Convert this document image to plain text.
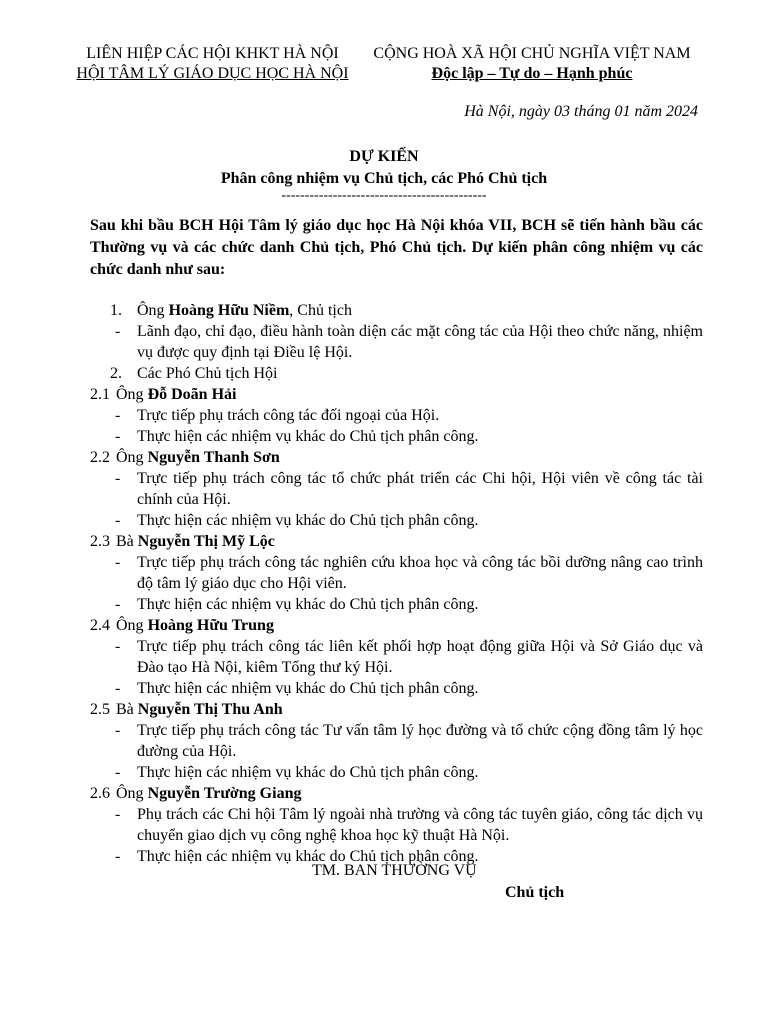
LIÊN HIỆP CÁC HỘI KHKT HÀ NỘI
HỘI TÂM LÝ GIÁO DỤC HỌC HÀ NỘI
CỘNG HOÀ XÃ HỘI CHỦ NGHĨA VIỆT NAM
Độc lập – Tự do – Hạnh phúc
Hà Nội, ngày 03 tháng 01 năm 2024
DỰ KIẾN
Phân công nhiệm vụ Chủ tịch, các Phó Chủ tịch
--------------------------------------------
Sau khi bầu BCH Hội Tâm lý giáo dục học Hà Nội khóa VII, BCH sẽ tiến hành bầu các Thường vụ và các chức danh Chủ tịch, Phó Chủ tịch. Dự kiến phân công nhiệm vụ các chức danh như sau:
1. Ông Hoàng Hữu Niềm, Chủ tịch
- Lãnh đạo, chỉ đạo, điều hành toàn diện các mặt công tác của Hội theo chức năng, nhiệm vụ được quy định tại Điều lệ Hội.
2. Các Phó Chủ tịch Hội
2.1 Ông Đỗ Doãn Hải
- Trực tiếp phụ trách công tác đối ngoại của Hội.
- Thực hiện các nhiệm vụ khác do Chủ tịch phân công.
2.2 Ông Nguyễn Thanh Sơn
- Trực tiếp phụ trách công tác tổ chức phát triển các Chi hội, Hội viên về công tác tài chính của Hội.
- Thực hiện các nhiệm vụ khác do Chủ tịch phân công.
2.3 Bà Nguyễn Thị Mỹ Lộc
- Trực tiếp phụ trách công tác nghiên cứu khoa học và công tác bồi dưỡng nâng cao trình độ tâm lý giáo dục cho Hội viên.
- Thực hiện các nhiệm vụ khác do Chủ tịch phân công.
2.4 Ông Hoàng Hữu Trung
- Trực tiếp phụ trách công tác liên kết phối hợp hoạt động giữa Hội và Sở Giáo dục và Đào tạo Hà Nội, kiêm Tổng thư ký Hội.
- Thực hiện các nhiệm vụ khác do Chủ tịch phân công.
2.5 Bà Nguyễn Thị Thu Anh
- Trực tiếp phụ trách công tác Tư vấn tâm lý học đường và tổ chức cộng đồng tâm lý học đường của Hội.
- Thực hiện các nhiệm vụ khác do Chủ tịch phân công.
2.6 Ông Nguyễn Trường Giang
- Phụ trách các Chi hội Tâm lý ngoài nhà trường và công tác tuyên giáo, công tác dịch vụ chuyển giao dịch vụ công nghệ khoa học kỹ thuật Hà Nội.
- Thực hiện các nhiệm vụ khác do Chủ tịch phân công.
TM. BAN THƯỜNG VỤ
Chủ tịch
